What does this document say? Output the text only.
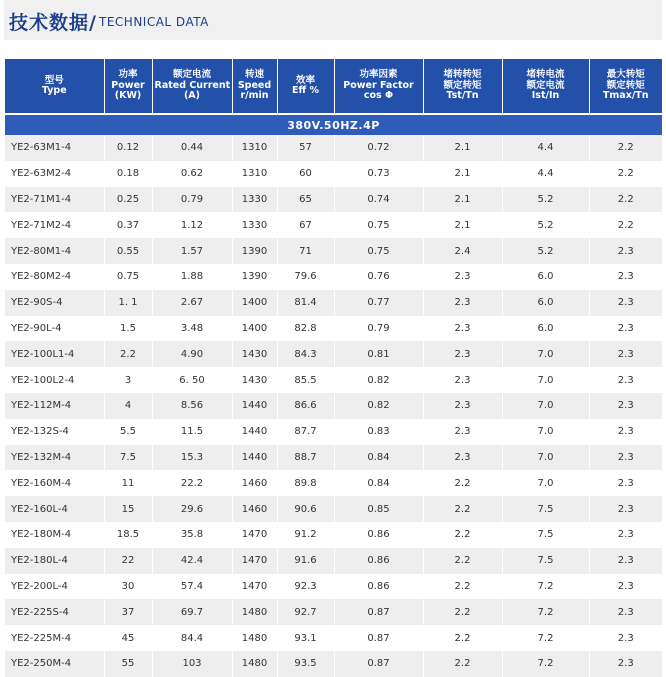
技术数据/ TECHNICAL DATA
型号
Type	功率
Power
(KW)	额定电流
Rated Current
(A)	转速
Speed
r/min	效率
Eff %	功率因素
Power Factor
cos Φ	堵转转矩
额定转矩
Tst/Tn	堵转电流
额定电流
Ist/In	最大转矩
额定转矩
Tmax/Tn

380V.50HZ.4P								
YE2-63M1-4	0.12	0.44	1310	57	0.72	2.1	4.4	2.2
YE2-63M2-4	0.18	0.62	1310	60	0.73	2.1	4.4	2.2
YE2-71M1-4	0.25	0.79	1330	65	0.74	2.1	5.2	2.2
YE2-71M2-4	0.37	1.12	1330	67	0.75	2.1	5.2	2.2
YE2-80M1-4	0.55	1.57	1390	71	0.75	2.4	5.2	2.3
YE2-80M2-4	0.75	1.88	1390	79.6	0.76	2.3	6.0	2.3
YE2-90S-4	1. 1	2.67	1400	81.4	0.77	2.3	6.0	2.3
YE2-90L-4	1.5	3.48	1400	82.8	0.79	2.3	6.0	2.3
YE2-100L1-4	2.2	4.90	1430	84.3	0.81	2.3	7.0	2.3
YE2-100L2-4	3	6. 50	1430	85.5	0.82	2.3	7.0	2.3
YE2-112M-4	4	8.56	1440	86.6	0.82	2.3	7.0	2.3
YE2-132S-4	5.5	11.5	1440	87.7	0.83	2.3	7.0	2.3
YE2-132M-4	7.5	15.3	1440	88.7	0.84	2.3	7.0	2.3
YE2-160M-4	11	22.2	1460	89.8	0.84	2.2	7.0	2.3
YE2-160L-4	15	29.6	1460	90.6	0.85	2.2	7.5	2.3
YE2-180M-4	18.5	35.8	1470	91.2	0.86	2.2	7.5	2.3
YE2-180L-4	22	42.4	1470	91.6	0.86	2.2	7.5	2.3
YE2-200L-4	30	57.4	1470	92.3	0.86	2.2	7.2	2.3
YE2-225S-4	37	69.7	1480	92.7	0.87	2.2	7.2	2.3
YE2-225M-4	45	84.4	1480	93.1	0.87	2.2	7.2	2.3
YE2-250M-4	55	103	1480	93.5	0.87	2.2	7.2	2.3
